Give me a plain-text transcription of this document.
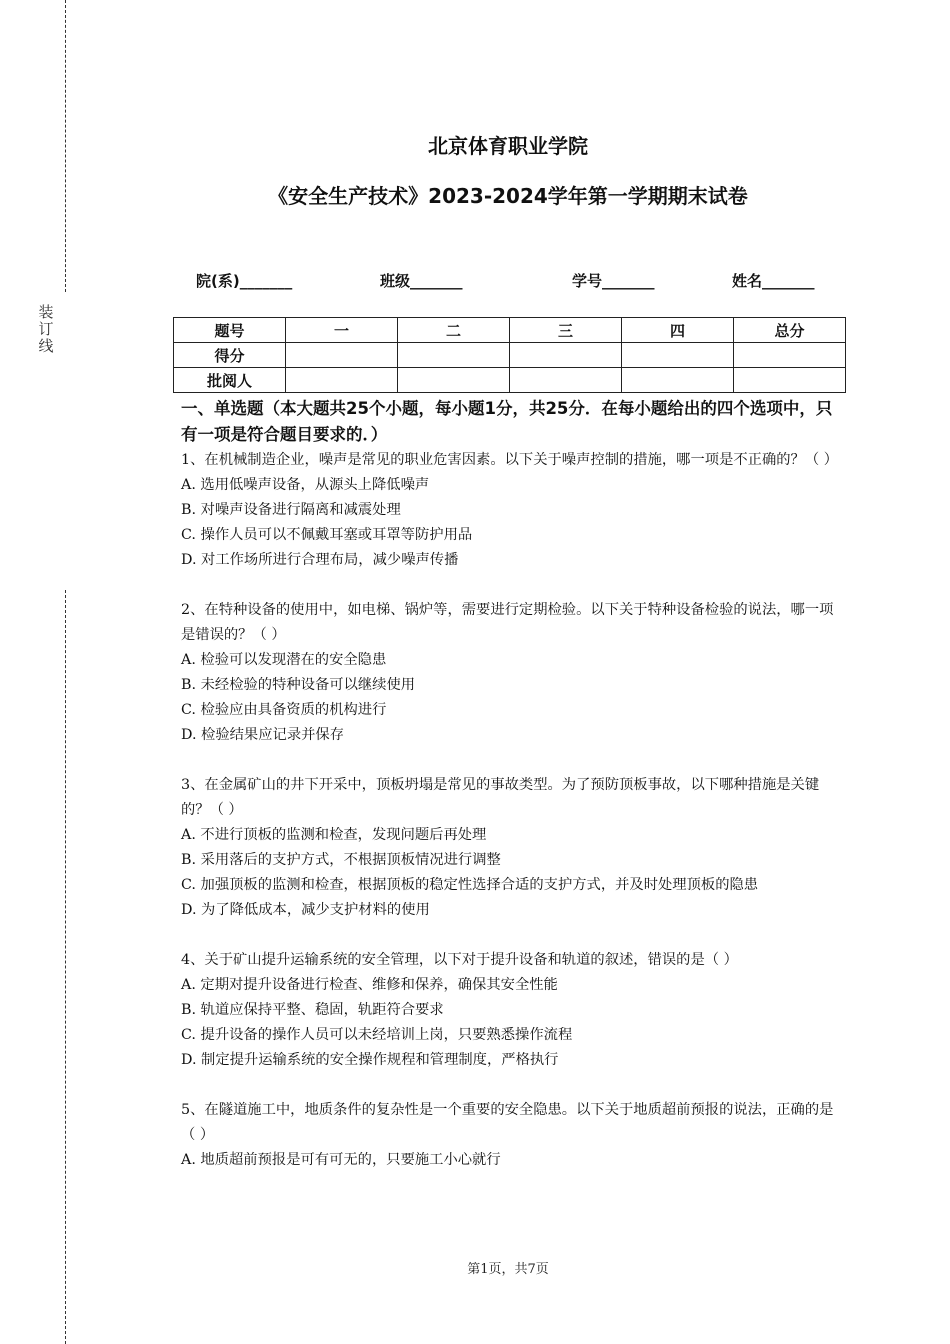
装
订
线
北京体育职业学院
《安全生产技术》2023-2024学年第一学期期末试卷
院(系)_______	班级_______	学号_______	姓名_______
题号	一	二	三	四	总分
得分					
批阅人					

一、单选题（本大题共25个小题，每小题1分，共25分．在每小题给出的四个选项中，只有一项是符合题目要求的．）

1、在机械制造企业，噪声是常见的职业危害因素。以下关于噪声控制的措施，哪一项是不正确的？（ ）

A. 选用低噪声设备，从源头上降低噪声

B. 对噪声设备进行隔离和减震处理

C. 操作人员可以不佩戴耳塞或耳罩等防护用品

D. 对工作场所进行合理布局，减少噪声传播

2、在特种设备的使用中，如电梯、锅炉等，需要进行定期检验。以下关于特种设备检验的说法，哪一项是错误的？（ ）

A. 检验可以发现潜在的安全隐患

B. 未经检验的特种设备可以继续使用

C. 检验应由具备资质的机构进行

D. 检验结果应记录并保存

3、在金属矿山的井下开采中，顶板坍塌是常见的事故类型。为了预防顶板事故，以下哪种措施是关键的？（ ）

A. 不进行顶板的监测和检查，发现问题后再处理

B. 采用落后的支护方式，不根据顶板情况进行调整

C. 加强顶板的监测和检查，根据顶板的稳定性选择合适的支护方式，并及时处理顶板的隐患

D. 为了降低成本，减少支护材料的使用

4、关于矿山提升运输系统的安全管理，以下对于提升设备和轨道的叙述，错误的是（ ）

A. 定期对提升设备进行检查、维修和保养，确保其安全性能

B. 轨道应保持平整、稳固，轨距符合要求

C. 提升设备的操作人员可以未经培训上岗，只要熟悉操作流程

D. 制定提升运输系统的安全操作规程和管理制度，严格执行

5、在隧道施工中，地质条件的复杂性是一个重要的安全隐患。以下关于地质超前预报的说法，正确的是（ ）

A. 地质超前预报是可有可无的，只要施工小心就行

第1页，共7页
